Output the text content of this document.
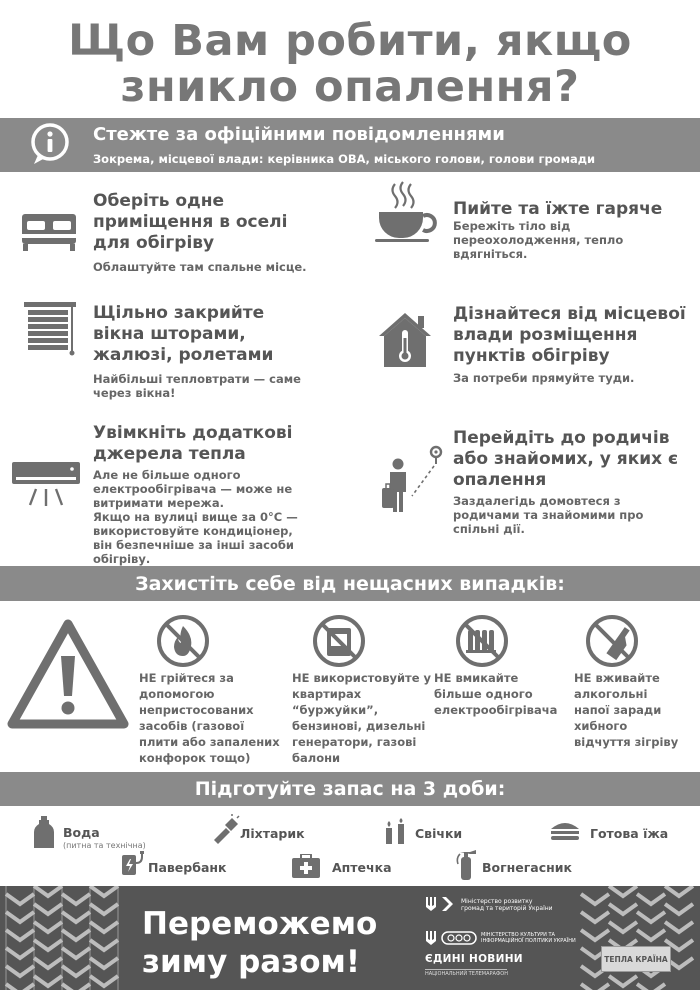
Що Вам робити, якщо
зникло опалення?
Стежте за офіційними повідомленнями
Зокрема, місцевої влади: керівника ОВА, міського голови, голови громади
Оберіть одне
приміщення в оселі
для обігріву
Облаштуйте там спальне місце.
Пийте та їжте гаряче
Бережіть тіло від
переохолодження, тепло
вдягніться.
Щільно закрийте
вікна шторами,
жалюзі, ролетами
Найбільші тепловтрати — саме
через вікна!
Дізнайтеся від місцевої
влади розміщення
пунктів обігріву
За потреби прямуйте туди.
Увімкніть додаткові
джерела тепла
Але не більше одного
електрообігрівача — може не
витримати мережа.
Якщо на вулиці вище за 0°C —
використовуйте кондиціонер,
він безпечніше за інші засоби
обігріву.
Перейдіть до родичів
або знайомих, у яких є
опалення
Заздалегідь домовтеся з
родичами та знайомими про
спільні дії.
Захистіть себе від нещасних випадків:
НЕ грійтеся за
допомогою
непристосованих
засобів (газової
плити або запалених
конфорок тощо)
НЕ використовуйте у
квартирах
“буржуйки”,
бензинові, дизельні
генератори, газові
балони
НЕ вмикайте
більше одного
електрообігрівача
НЕ вживайте
алкогольні
напої заради
хибного
відчуття зігріву
Підготуйте запас на 3 доби:
Вода
(питна та технічна)
Ліхтарик	Свічки	Готова їжа
Павербанк	Аптечка	Вогнегасник
Переможемо
зиму разом!
Міністерство розвитку
громад та територій України
МІНІСТЕРСТВО КУЛЬТУРИ ТА
ІНФОРМАЦІЙНОЇ ПОЛІТИКИ УКРАЇНИ
ЄДИНІ НОВИНИ
НАЦІОНАЛЬНИЙ ТЕЛЕМАРАФОН
ТЕПЛА КРАЇНА
